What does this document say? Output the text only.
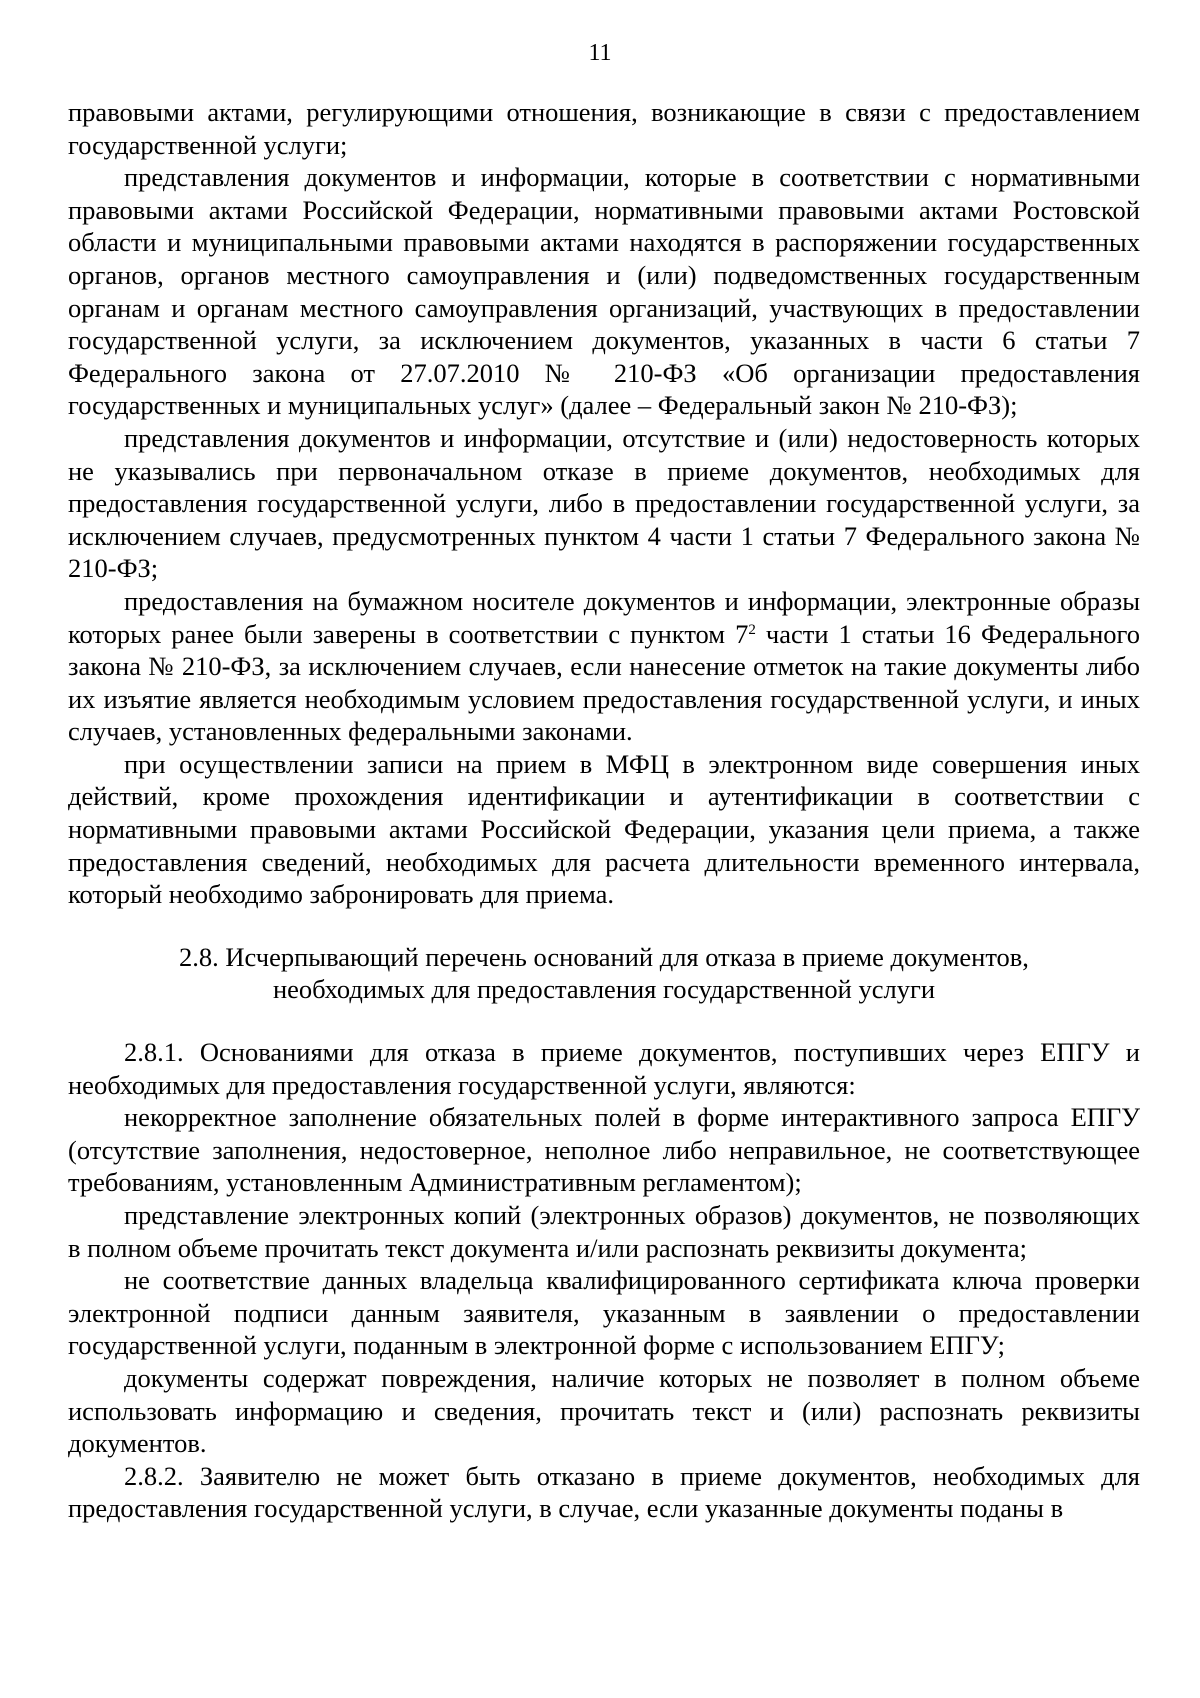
11

правовыми актами, регулирующими отношения, возникающие в связи с предоставлением государственной услуги;

представления документов и информации, которые в соответствии с нормативными правовыми актами Российской Федерации, нормативными правовыми актами Ростовской области и муниципальными правовыми актами находятся в распоряжении государственных органов, органов местного самоуправления и (или) подведомственных государственным органам и органам местного самоуправления организаций, участвующих в предоставлении государственной услуги, за исключением документов, указанных в части 6 статьи 7 Федерального закона от 27.07.2010 № 210-ФЗ «Об организации предоставления государственных и муниципальных услуг» (далее – Федеральный закон № 210-ФЗ);

представления документов и информации, отсутствие и (или) недостоверность которых не указывались при первоначальном отказе в приеме документов, необходимых для предоставления государственной услуги, либо в предоставлении государственной услуги, за исключением случаев, предусмотренных пунктом 4 части 1 статьи 7 Федерального закона № 210-ФЗ;

предоставления на бумажном носителе документов и информации, электронные образы которых ранее были заверены в соответствии с пунктом $7^2$ части 1 статьи 16 Федерального закона № 210-ФЗ, за исключением случаев, если нанесение отметок на такие документы либо их изъятие является необходимым условием предоставления государственной услуги, и иных случаев, установленных федеральными законами.

при осуществлении записи на прием в МФЦ в электронном виде совершения иных действий, кроме прохождения идентификации и аутентификации в соответствии с нормативными правовыми актами Российской Федерации, указания цели приема, а также предоставления сведений, необходимых для расчета длительности временного интервала, который необходимо забронировать для приема.

2.8. Исчерпывающий перечень оснований для отказа в приеме документов,
необходимых для предоставления государственной услуги

2.8.1. Основаниями для отказа в приеме документов, поступивших через ЕПГУ и необходимых для предоставления государственной услуги, являются:

некорректное заполнение обязательных полей в форме интерактивного запроса ЕПГУ (отсутствие заполнения, недостоверное, неполное либо неправильное, не соответствующее требованиям, установленным Административным регламентом);

представление электронных копий (электронных образов) документов, не позволяющих в полном объеме прочитать текст документа и/или распознать реквизиты документа;

не соответствие данных владельца квалифицированного сертификата ключа проверки электронной подписи данным заявителя, указанным в заявлении о предоставлении государственной услуги, поданным в электронной форме с использованием ЕПГУ;

документы содержат повреждения, наличие которых не позволяет в полном объеме использовать информацию и сведения, прочитать текст и (или) распознать реквизиты документов.

2.8.2. Заявителю не может быть отказано в приеме документов, необходимых для предоставления государственной услуги, в случае, если указанные документы поданы в
